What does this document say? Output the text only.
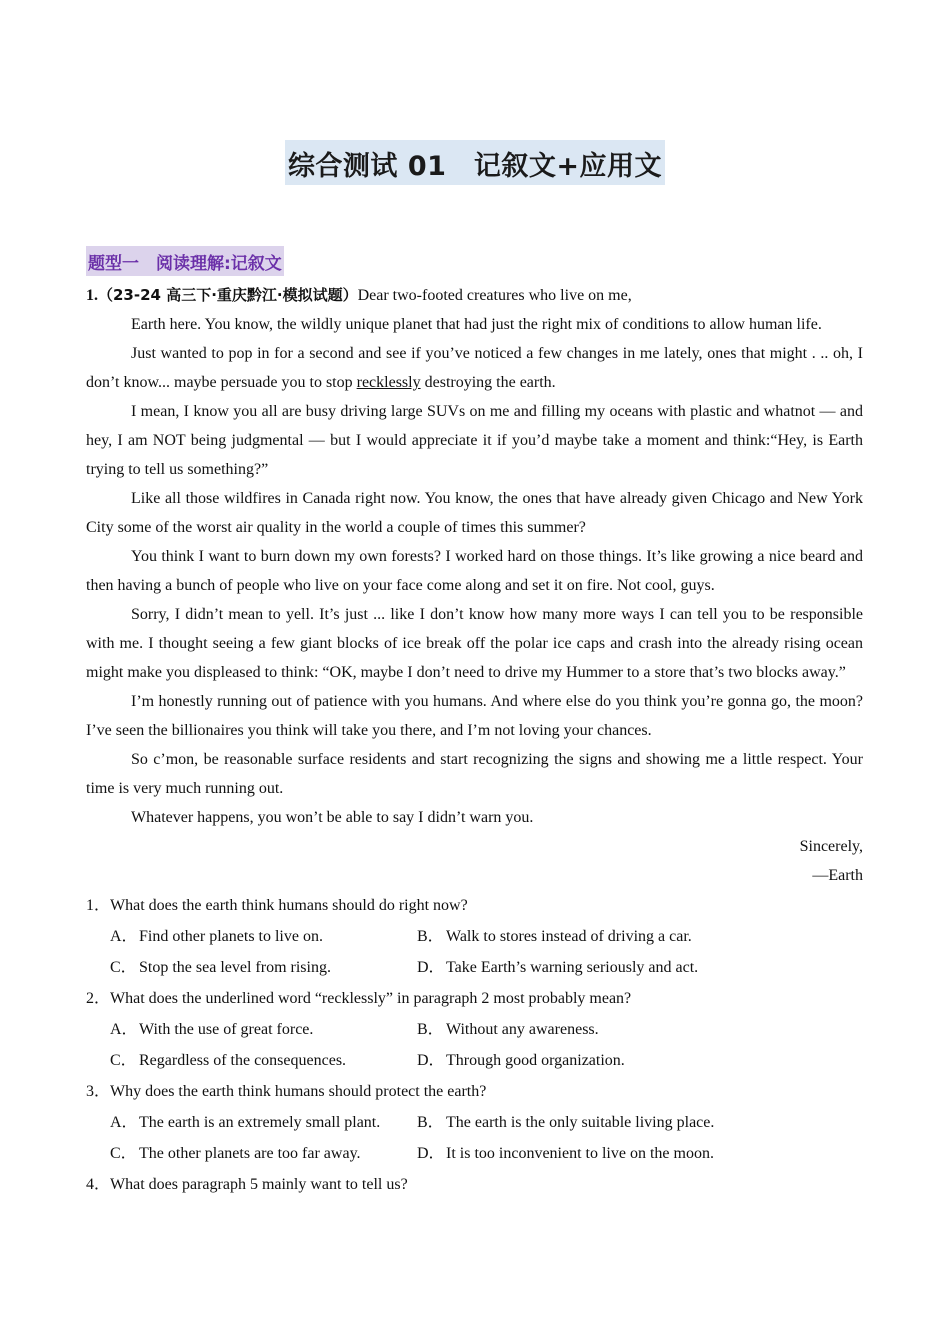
综合测试 01　记叙文+应用文
题型一　阅读理解:记叙文

1.（23-24 高三下·重庆黔江·模拟试题）Dear two-footed creatures who live on me,

Earth here. You know, the wildly unique planet that had just the right mix of conditions to allow human life.

Just wanted to pop in for a second and see if you’ve noticed a few changes in me lately, ones that might . .. oh, I don’t know... maybe persuade you to stop recklessly destroying the earth.

I mean, I know you all are busy driving large SUVs on me and filling my oceans with plastic and whatnot — and hey, I am NOT being judgmental — but I would appreciate it if you’d maybe take a moment and think:“Hey, is Earth trying to tell us something?”

Like all those wildfires in Canada right now. You know, the ones that have already given Chicago and New York City some of the worst air quality in the world a couple of times this summer?

You think I want to burn down my own forests? I worked hard on those things. It’s like growing a nice beard and then having a bunch of people who live on your face come along and set it on fire. Not cool, guys.

Sorry, I didn’t mean to yell. It’s just ... like I don’t know how many more ways I can tell you to be responsible with me. I thought seeing a few giant blocks of ice break off the polar ice caps and crash into the already rising ocean might make you displeased to think: “OK, maybe I don’t need to drive my Hummer to a store that’s two blocks away.”

I’m honestly running out of patience with you humans. And where else do you think you’re gonna go, the moon? I’ve seen the billionaires you think will take you there, and I’m not loving your chances.

So c’mon, be reasonable surface residents and start recognizing the signs and showing me a little respect. Your time is very much running out.

Whatever happens, you won’t be able to say I didn’t warn you.

Sincerely,

—Earth

1．What does the earth think humans should do right now?

A．Find other planets to live on.	B． Walk to stores instead of driving a car.
C． Stop the sea level from rising.	D．Take Earth’s warning seriously and act.

2．What does the underlined word “recklessly” in paragraph 2 most probably mean?

A．With the use of great force.	B． Without any awareness.
C． Regardless of the consequences.	D．Through good organization.

3．Why does the earth think humans should protect the earth?

A．The earth is an extremely small plant.	B． The earth is the only suitable living place.
C． The other planets are too far away.	D．It is too inconvenient to live on the moon.

4．What does paragraph 5 mainly want to tell us?
